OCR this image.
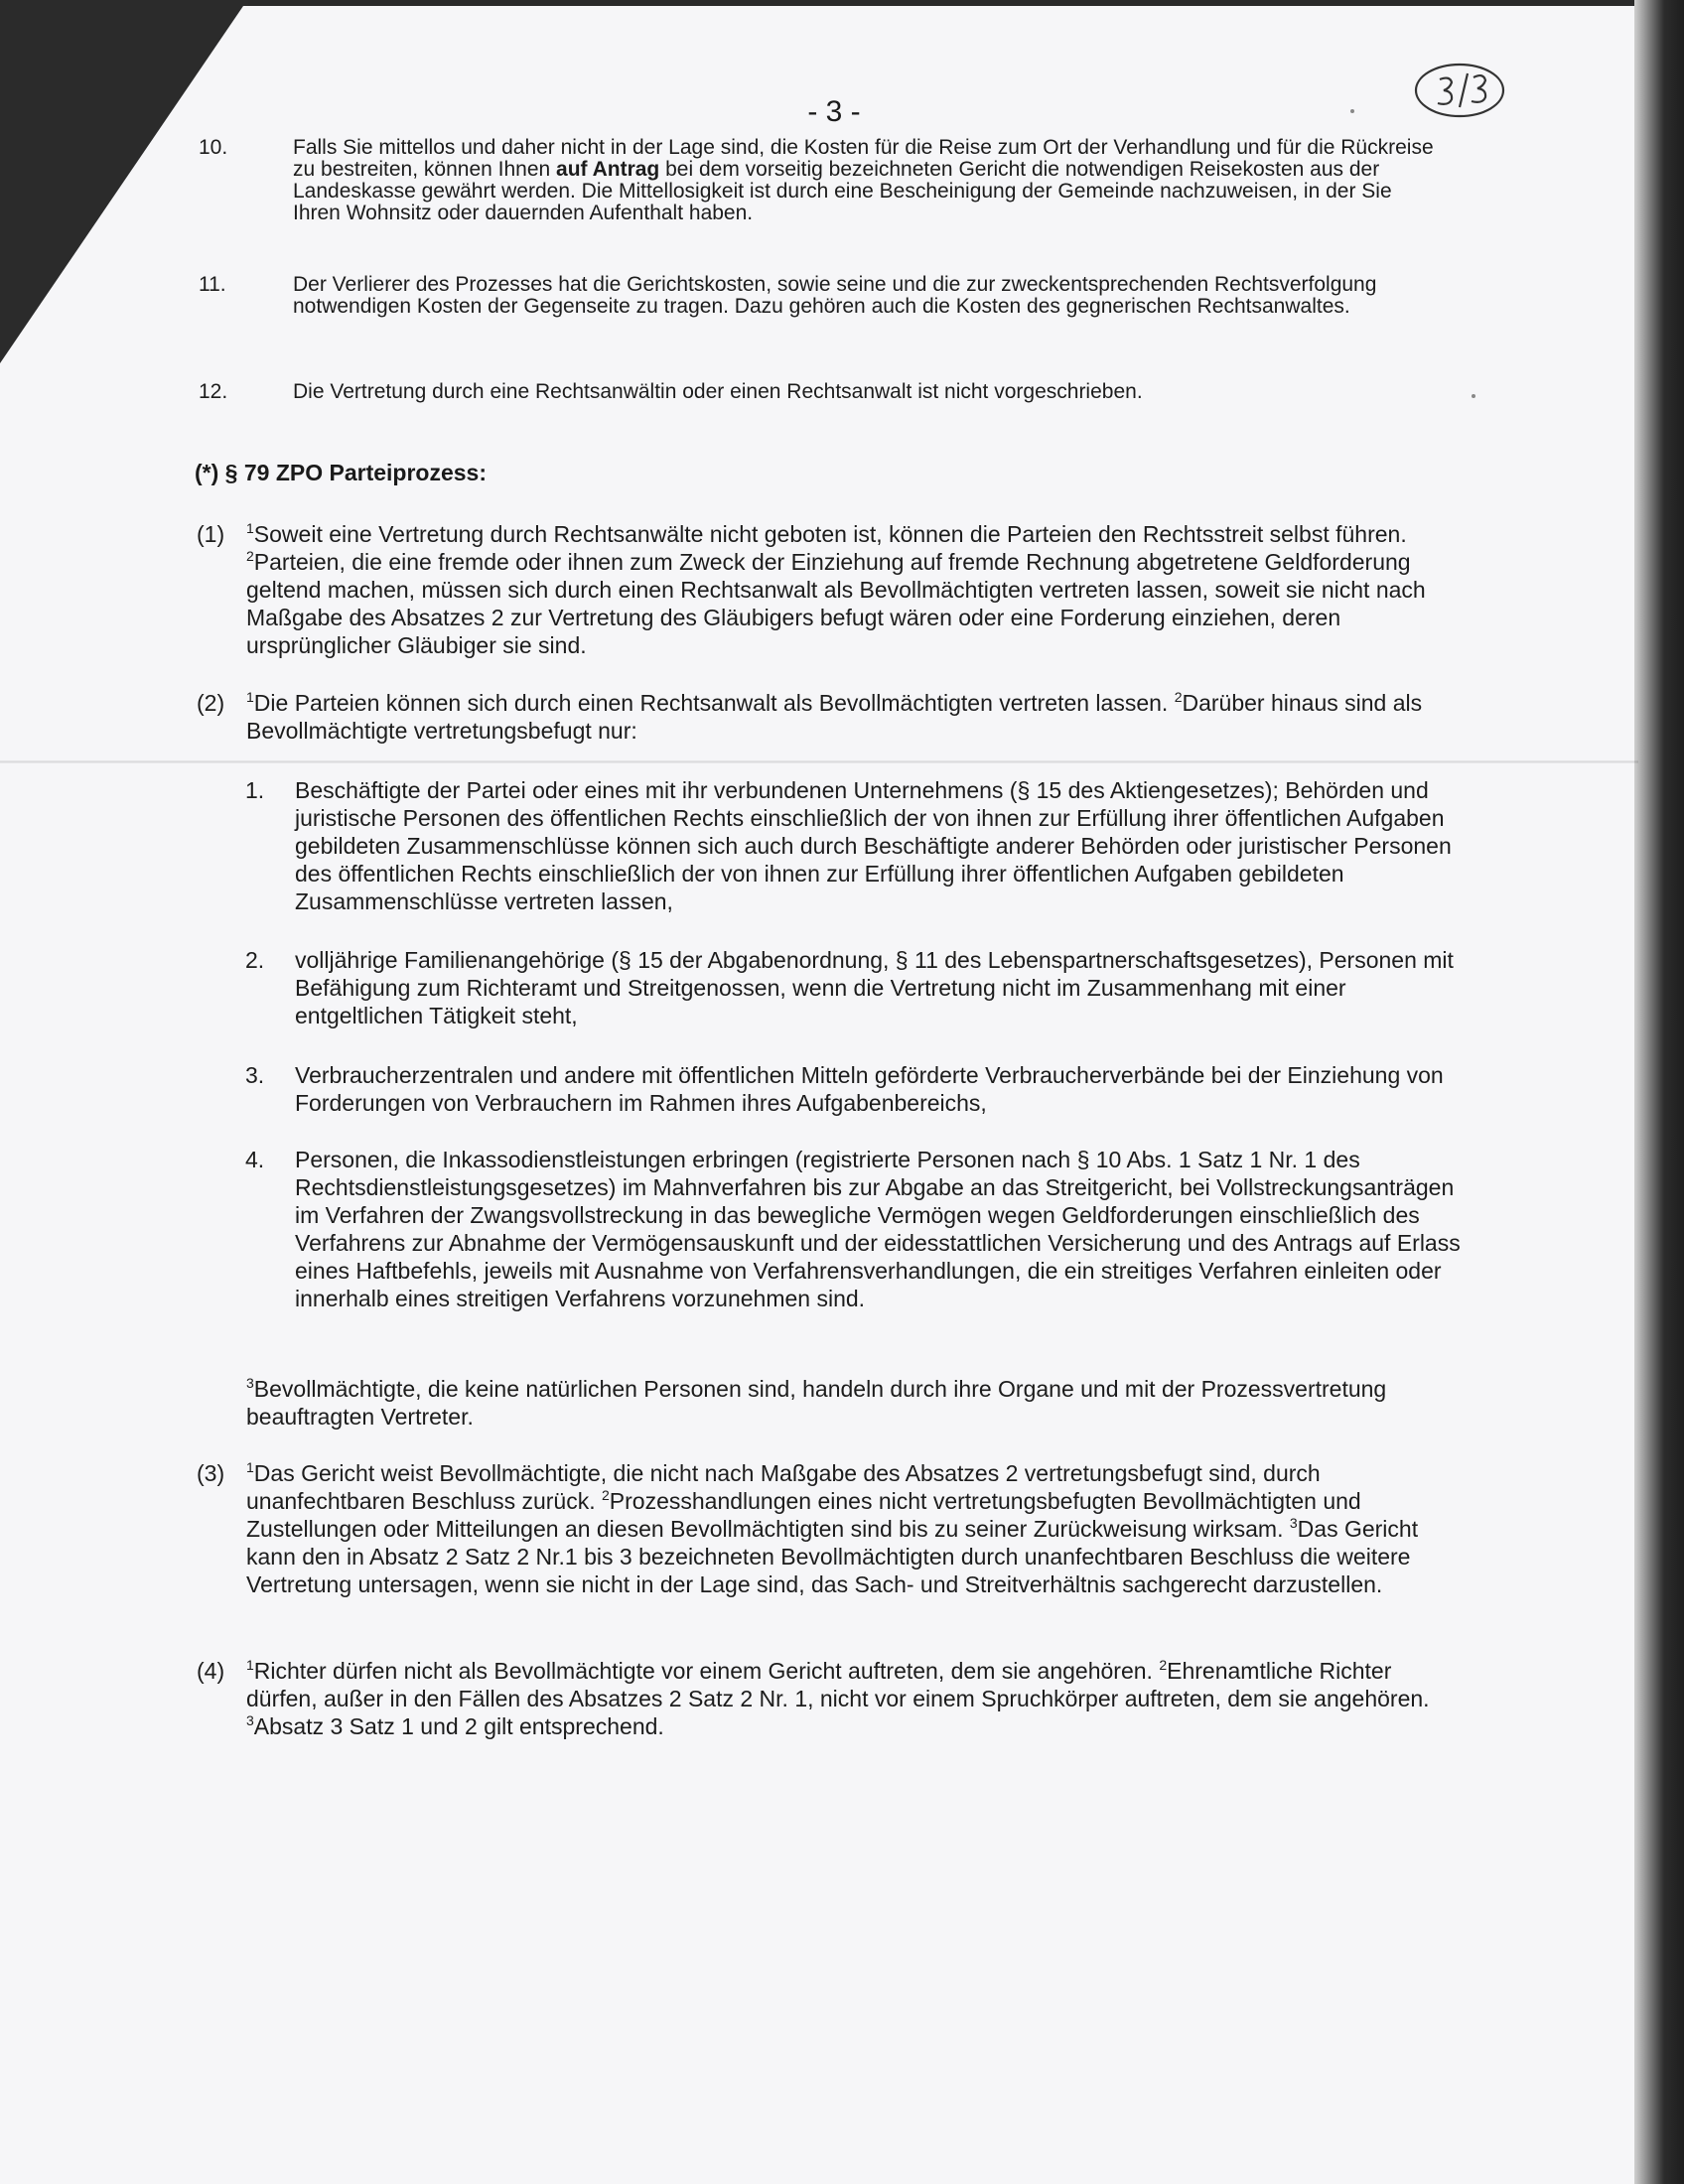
- 3 -
10.	Falls Sie mittellos und daher nicht in der Lage sind, die Kosten für die Reise zum Ort der Verhandlung und für die Rückreise zu bestreiten, können Ihnen auf Antrag bei dem vorseitig bezeichneten Gericht die notwendigen Reisekosten aus der Landeskasse gewährt werden. Die Mittellosigkeit ist durch eine Bescheinigung der Gemeinde nachzuweisen, in der Sie Ihren Wohnsitz oder dauernden Aufenthalt haben.
11.	Der Verlierer des Prozesses hat die Gerichtskosten, sowie seine und die zur zweckentsprechenden Rechtsverfolgung notwendigen Kosten der Gegenseite zu tragen. Dazu gehören auch die Kosten des gegnerischen Rechtsanwaltes.
12.	Die Vertretung durch eine Rechtsanwältin oder einen Rechtsanwalt ist nicht vorgeschrieben.
(*) § 79 ZPO Parteiprozess:
(1) $^1$Soweit eine Vertretung durch Rechtsanwälte nicht geboten ist, können die Parteien den Rechtsstreit selbst führen. $^2$Parteien, die eine fremde oder ihnen zum Zweck der Einziehung auf fremde Rechnung abgetretene Geldforderung geltend machen, müssen sich durch einen Rechtsanwalt als Bevollmächtigten vertreten lassen, soweit sie nicht nach Maßgabe des Absatzes 2 zur Vertretung des Gläubigers befugt wären oder eine Forderung einziehen, deren ursprünglicher Gläubiger sie sind.
(2) $^1$Die Parteien können sich durch einen Rechtsanwalt als Bevollmächtigten vertreten lassen. $^2$Darüber hinaus sind als Bevollmächtigte vertretungsbefugt nur:
1. Beschäftigte der Partei oder eines mit ihr verbundenen Unternehmens (§ 15 des Aktiengesetzes); Behörden und juristische Personen des öffentlichen Rechts einschließlich der von ihnen zur Erfüllung ihrer öffentlichen Aufgaben gebildeten Zusammenschlüsse können sich auch durch Beschäftigte anderer Behörden oder juristischer Personen des öffentlichen Rechts einschließlich der von ihnen zur Erfüllung ihrer öffentlichen Aufgaben gebildeten Zusammenschlüsse vertreten lassen,
2. volljährige Familienangehörige (§ 15 der Abgabenordnung, § 11 des Lebenspartnerschaftsgesetzes), Personen mit Befähigung zum Richteramt und Streitgenossen, wenn die Vertretung nicht im Zusammenhang mit einer entgeltlichen Tätigkeit steht,
3. Verbraucherzentralen und andere mit öffentlichen Mitteln geförderte Verbraucherverbände bei der Einziehung von Forderungen von Verbrauchern im Rahmen ihres Aufgabenbereichs,
4. Personen, die Inkassodienstleistungen erbringen (registrierte Personen nach § 10 Abs. 1 Satz 1 Nr. 1 des Rechtsdienstleistungsgesetzes) im Mahnverfahren bis zur Abgabe an das Streitgericht, bei Vollstreckungsanträgen im Verfahren der Zwangsvollstreckung in das bewegliche Vermögen wegen Geldforderungen einschließlich des Verfahrens zur Abnahme der Vermögensauskunft und der eidesstattlichen Versicherung und des Antrags auf Erlass eines Haftbefehls, jeweils mit Ausnahme von Verfahrensverhandlungen, die ein streitiges Verfahren einleiten oder innerhalb eines streitigen Verfahrens vorzunehmen sind.
$^3$Bevollmächtigte, die keine natürlichen Personen sind, handeln durch ihre Organe und mit der Prozessvertretung beauftragten Vertreter.
(3) $^1$Das Gericht weist Bevollmächtigte, die nicht nach Maßgabe des Absatzes 2 vertretungsbefugt sind, durch unanfechtbaren Beschluss zurück. $^2$Prozesshandlungen eines nicht vertretungsbefugten Bevollmächtigten und Zustellungen oder Mitteilungen an diesen Bevollmächtigten sind bis zu seiner Zurückweisung wirksam. $^3$Das Gericht kann den in Absatz 2 Satz 2 Nr.1 bis 3 bezeichneten Bevollmächtigten durch unanfechtbaren Beschluss die weitere Vertretung untersagen, wenn sie nicht in der Lage sind, das Sach- und Streitverhältnis sachgerecht darzustellen.
(4) $^1$Richter dürfen nicht als Bevollmächtigte vor einem Gericht auftreten, dem sie angehören. $^2$Ehrenamtliche Richter dürfen, außer in den Fällen des Absatzes 2 Satz 2 Nr. 1, nicht vor einem Spruchkörper auftreten, dem sie angehören. $^3$Absatz 3 Satz 1 und 2 gilt entsprechend.
